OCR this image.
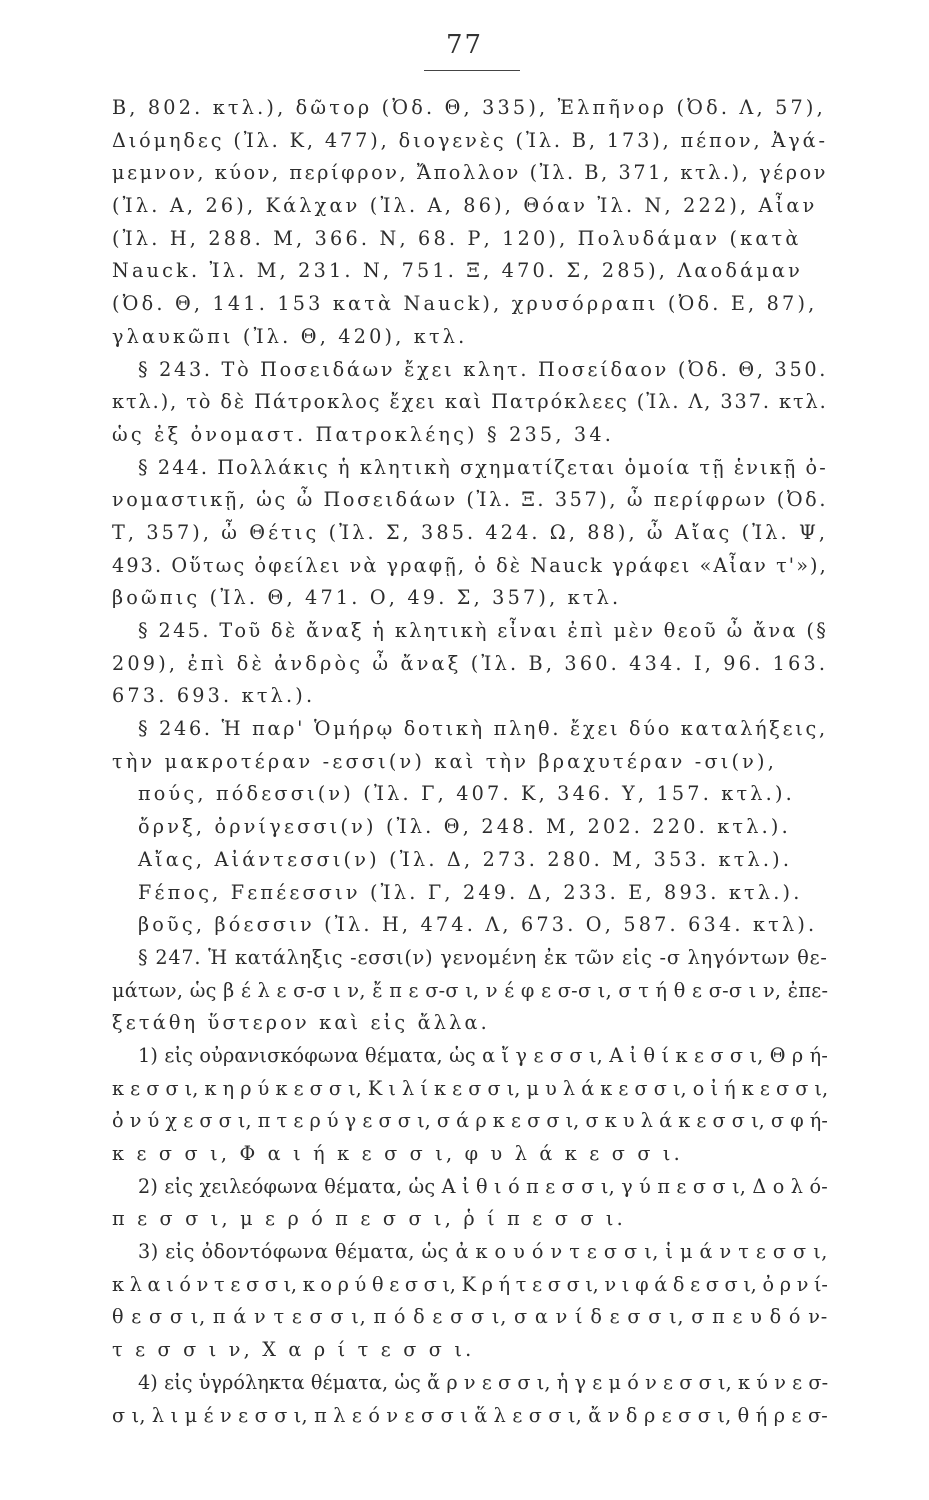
77
Β, 802. κτλ.), δῶτορ (Ὀδ. Θ, 335), Ἐλπῆνορ (Ὀδ. Λ, 57),
Διόμηδες (Ἰλ. Κ, 477), διογενὲς (Ἰλ. Β, 173), πέπον, Ἀγά-
μεμνον, κύον, περίφρον, Ἄπολλον (Ἰλ. Β, 371, κτλ.), γέρον
(Ἰλ. Α, 26), Κάλχαν (Ἰλ. Α, 86), Θόαν Ἰλ. Ν, 222), Αἶαν
(Ἰλ. Η, 288. Μ, 366. Ν, 68. Ρ, 120), Πολυδάμαν (κατὰ
Nauck. Ἰλ. Μ, 231. Ν, 751. Ξ, 470. Σ, 285), Λαοδάμαν
(Ὀδ. Θ, 141. 153 κατὰ Nauck), χρυσόρραπι (Ὀδ. Ε, 87),
γλαυκῶπι (Ἰλ. Θ, 420), κτλ.
§ 243. Τὸ Ποσειδάων ἔχει κλητ. Ποσείδαον (Ὀδ. Θ, 350.
κτλ.), τὸ δὲ Πάτροκλος ἔχει καὶ Πατρόκλεες (Ἰλ. Λ, 337. κτλ.
ὡς ἐξ ὀνομαστ. Πατροκλέης) § 235, 34.
§ 244. Πολλάκις ἡ κλητικὴ σχηματίζεται ὁμοία τῇ ἑνικῇ ὀ-
νομαστικῇ, ὡς ὦ Ποσειδάων (Ἰλ. Ξ. 357), ὦ περίφρων (Ὀδ.
Τ, 357), ὦ Θέτις (Ἰλ. Σ, 385. 424. Ω, 88), ὦ Αἴας (Ἰλ. Ψ,
493. Οὕτως ὀφείλει νὰ γραφῇ, ὁ δὲ Nauck γράφει «Αἶαν τ'»),
βοῶπις (Ἰλ. Θ, 471. Ο, 49. Σ, 357), κτλ.
§ 245. Τοῦ δὲ ἄναξ ἡ κλητικὴ εἶναι ἐπὶ μὲν θεοῦ ὦ ἄνα (§
209), ἐπὶ δὲ ἀνδρὸς ὦ ἄναξ (Ἰλ. Β, 360. 434. Ι, 96. 163.
673. 693. κτλ.).
§ 246. Ἡ παρ' Ὁμήρῳ δοτικὴ πληθ. ἔχει δύο καταλήξεις,
τὴν μακροτέραν -εσσι(ν) καὶ τὴν βραχυτέραν -σι(ν),
πούς, πόδεσσι(ν) (Ἰλ. Γ, 407. Κ, 346. Υ, 157. κτλ.).
ὄρνξ, ὀρνίγεσσι(ν) (Ἰλ. Θ, 248. Μ, 202. 220. κτλ.).
Αἴας, Αἰάντεσσι(ν) (Ἰλ. Δ, 273. 280. Μ, 353. κτλ.).
Fέπος, Fεπέεσσιν (Ἰλ. Γ, 249. Δ, 233. Ε, 893. κτλ.).
βοῦς, βόεσσιν (Ἰλ. Η, 474. Λ, 673. Ο, 587. 634. κτλ).
§ 247. Ἡ κατάληξις -εσσι(ν) γενομένη ἐκ τῶν εἰς -σ ληγόντων θε-
μάτων, ὡς β έ λ ε σ-σ ι ν, ἔ π ε σ-σ ι, ν έ φ ε σ-σ ι, σ τ ή θ ε σ-σ ι ν, ἐπε-
ξετάθη ὕστερον καὶ εἰς ἄλλα.
1) εἰς οὐρανισκόφωνα θέματα, ὡς α ἴ γ ε σ σ ι, Α ἰ θ ί κ ε σ σ ι, Θ ρ ή-
κ ε σ σ ι, κ η ρ ύ κ ε σ σ ι, Κ ι λ ί κ ε σ σ ι, μ υ λ ά κ ε σ σ ι, ο ἰ ή κ ε σ σ ι,
ὀ ν ύ χ ε σ σ ι, π τ ε ρ ύ γ ε σ σ ι, σ ά ρ κ ε σ σ ι, σ κ υ λ ά κ ε σ σ ι, σ φ ή-
κ ε σ σ ι, Φ α ι ή κ ε σ σ ι, φ υ λ ά κ ε σ σ ι.
2) εἰς χειλεόφωνα θέματα, ὡς Α ἰ θ ι ό π ε σ σ ι, γ ύ π ε σ σ ι, Δ ο λ ό-
π ε σ σ ι, μ ε ρ ό π ε σ σ ι, ῥ ί π ε σ σ ι.
3) εἰς ὀδοντόφωνα θέματα, ὡς ἀ κ ο υ ό ν τ ε σ σ ι, ἱ μ ά ν τ ε σ σ ι,
κ λ α ι ό ν τ ε σ σ ι, κ ο ρ ύ θ ε σ σ ι, Κ ρ ή τ ε σ σ ι, ν ι φ ά δ ε σ σ ι, ὀ ρ ν ί-
θ ε σ σ ι, π ά ν τ ε σ σ ι, π ό δ ε σ σ ι, σ α ν ί δ ε σ σ ι, σ π ε υ δ ό ν-
τ ε σ σ ι ν, Χ α ρ ί τ ε σ σ ι.
4) εἰς ὑγρόληκτα θέματα, ὡς ἄ ρ ν ε σ σ ι, ἡ γ ε μ ό ν ε σ σ ι, κ ύ ν ε σ-
σ ι, λ ι μ έ ν ε σ σ ι, π λ ε ό ν ε σ σ ι ἅ λ ε σ σ ι, ἄ ν δ ρ ε σ σ ι, θ ή ρ ε σ-
